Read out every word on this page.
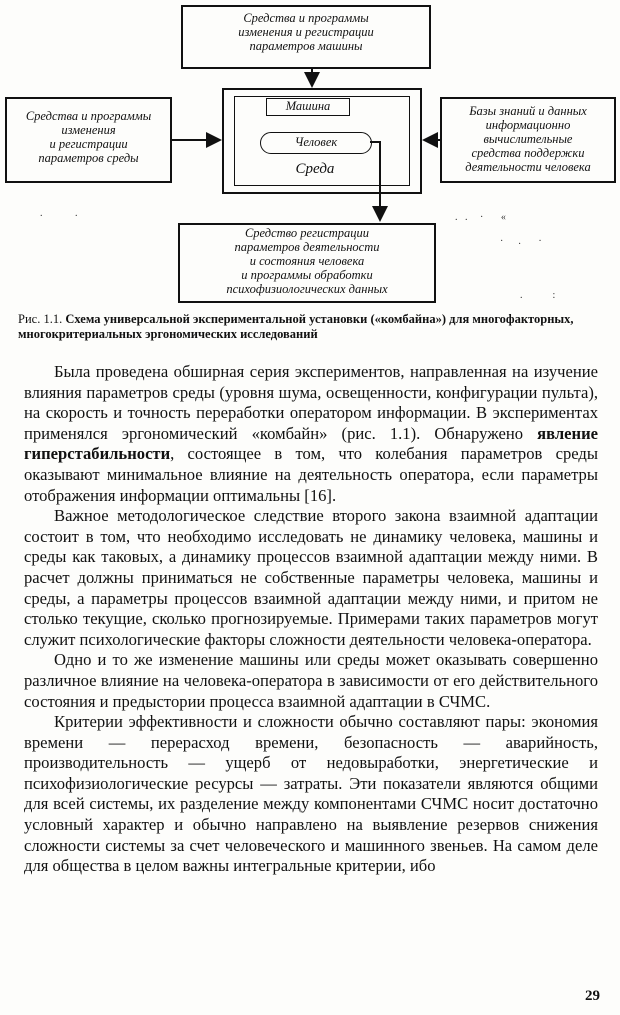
Средства и программы
изменения и регистрации
параметров машины
Средства и программы
изменения
и регистрации
параметров среды
Базы знаний и данных
информационно
вычислительные
средства поддержки
деятельности человека
Машина
Человек
Среда
Средство регистрации
параметров деятельности
и состояния человека
и программы обработки
психофизиологических данных
.             .	.   .     ·       «
·      .       ·
.            :
Рис. 1.1. Схема универсальной экспериментальной установки («комбайна») для многофакторных, многокритериальных эргономических исследований

Была проведена обширная серия экспериментов, направленная на изучение влияния параметров среды (уровня шума, освещенности, конфигурации пульта), на скорость и точность переработки оператором информации. В экспериментах применялся эргономический «комбайн» (рис. 1.1). Обнаружено явление гиперстабильности, состоящее в том, что колебания параметров среды оказывают минимальное влияние на деятельность оператора, если параметры отображения информации оптимальны [16].

Важное методологическое следствие второго закона взаимной адаптации состоит в том, что необходимо исследовать не динамику человека, машины и среды как таковых, а динамику процессов взаимной адаптации между ними. В расчет должны приниматься не собственные параметры человека, машины и среды, а параметры процессов взаимной адаптации между ними, и притом не столько текущие, сколько прогнозируемые. Примерами таких параметров могут служит психологические факторы сложности деятельности человека-оператора.

Одно и то же изменение машины или среды может оказывать совершенно различное влияние на человека-оператора в зависимости от его действительного состояния и предыстории процесса взаимной адаптации в СЧМС.

Критерии эффективности и сложности обычно составляют пары: экономия времени — перерасход времени, безопасность — аварийность, производительность — ущерб от недовыработки, энергетические и психофизиологические ресурсы — затраты. Эти показатели являются общими для всей системы, их разделение между компонентами СЧМС носит достаточно условный характер и обычно направлено на выявление резервов снижения сложности системы за счет человеческого и машинного звеньев. На самом деле для общества в целом важны интегральные критерии, ибо

29
